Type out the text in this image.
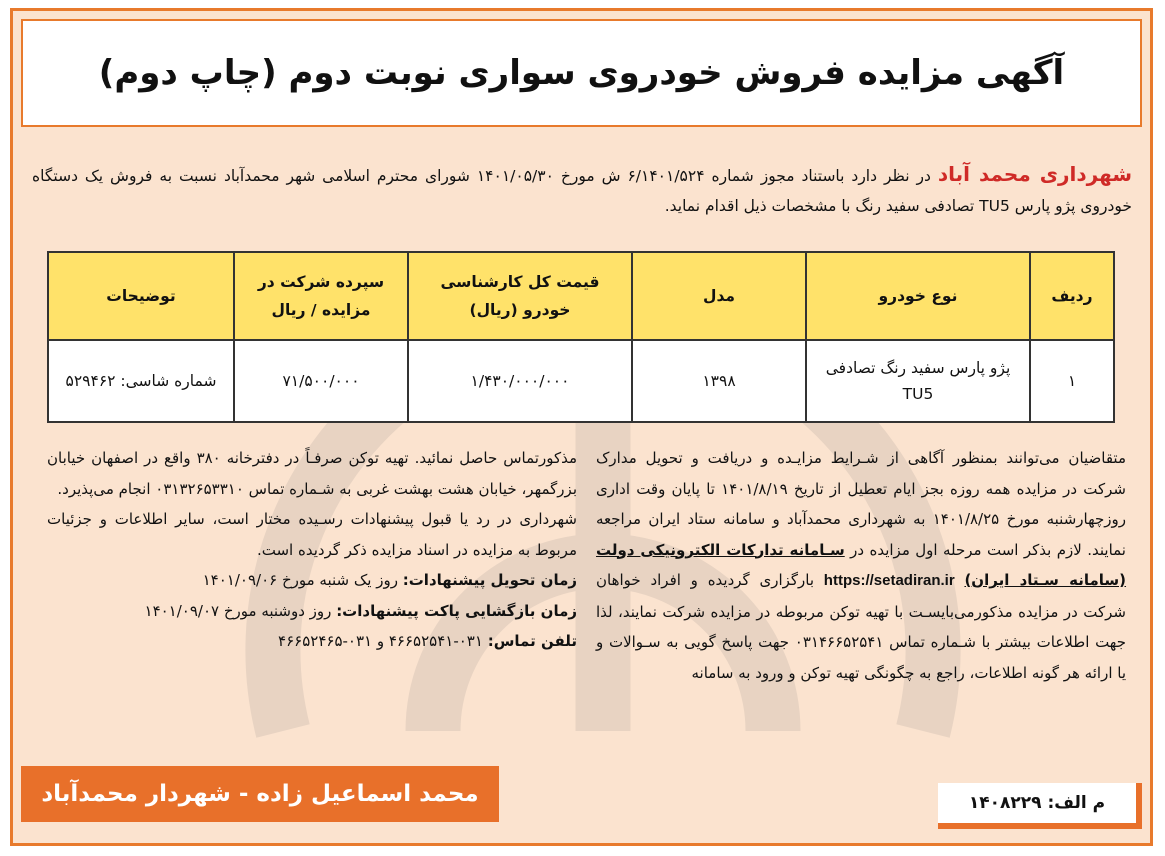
آگهی مزایده فروش خودروی سواری نوبت دوم (چاپ دوم)
شهرداری محمد آباد در نظر دارد باستناد مجوز شماره ۶/۱۴۰۱/۵۲۴ ش مورخ ۱۴۰۱/۰۵/۳۰ شورای محترم اسلامی شهر محمدآباد نسبت به فروش یک دستگاه خودروی پژو پارس TU5 تصادفی سفید رنگ با مشخصات ذیل اقدام نماید.
ردیف	نوع خودرو	مدل	قیمت کل کارشناسی خودرو (ریال)	سپرده شرکت در مزایده / ریال	توضیحات
۱	پژو پارس سفید رنگ تصادفی TU5	۱۳۹۸	۱/۴۳۰/۰۰۰/۰۰۰	۷۱/۵۰۰/۰۰۰	شماره شاسی: ۵۲۹۴۶۲
متقاضیان می‌توانند بمنظور آگاهی از شـرایط مزایـده و دریافت و تحویل مدارک شرکت در مزایده همه روزه بجز ایام تعطیل از تاریخ ۱۴۰۱/۸/۱۹ تا پایان وقت اداری روزچهارشنبه مورخ ۱۴۰۱/۸/۲۵ به شهرداری محمدآباد و سامانه ستاد ایران مراجعه نمایند. لازم بذکر است مرحله اول مزایده در سـامانه تدارکات الکترونیکی دولت (سامانه سـتاد ایران) https://setadiran.ir بارگزاری گردیده و افراد خواهان شرکت در مزایده مذکورمی‌بایسـت با تهیه توکن مربوطه در مزایده شرکت نمایند، لذا جهت اطلاعات بیشتر با شـماره تماس ۰۳۱۴۶۶۵۲۵۴۱ جهت پاسخ گویی به سـوالات و یا ارائه هر گونه اطلاعات، راجع به چگونگی تهیه توکن و ورود به سامانه
مذکورتماس حاصل نمائید. تهیه توکن صرفـاً در دفترخانه ۳۸۰ واقع در اصفهان خیابان بزرگمهر، خیابان هشت بهشت غربی به شـماره تماس ۰۳۱۳۲۶۵۳۳۱۰ انجام می‌پذیرد.
شهرداری در رد یا قبول پیشنهادات رسـیده مختار است، سایر اطلاعات و جزئیات مربوط به مزایده در اسناد مزایده ذکر گردیده است.
زمان تحویل پیشنهادات: روز یک شنبه مورخ ۱۴۰۱/۰۹/۰۶
زمان بازگشایی پاکت پیشنهادات: روز دوشنبه مورخ ۱۴۰۱/۰۹/۰۷
تلفن تماس: ۰۳۱-۴۶۶۵۲۵۴۱ و ۰۳۱-۴۶۶۵۲۴۶۵
محمد اسماعیل زاده - شهردار محمدآباد	م الف: ۱۴۰۸۲۲۹
